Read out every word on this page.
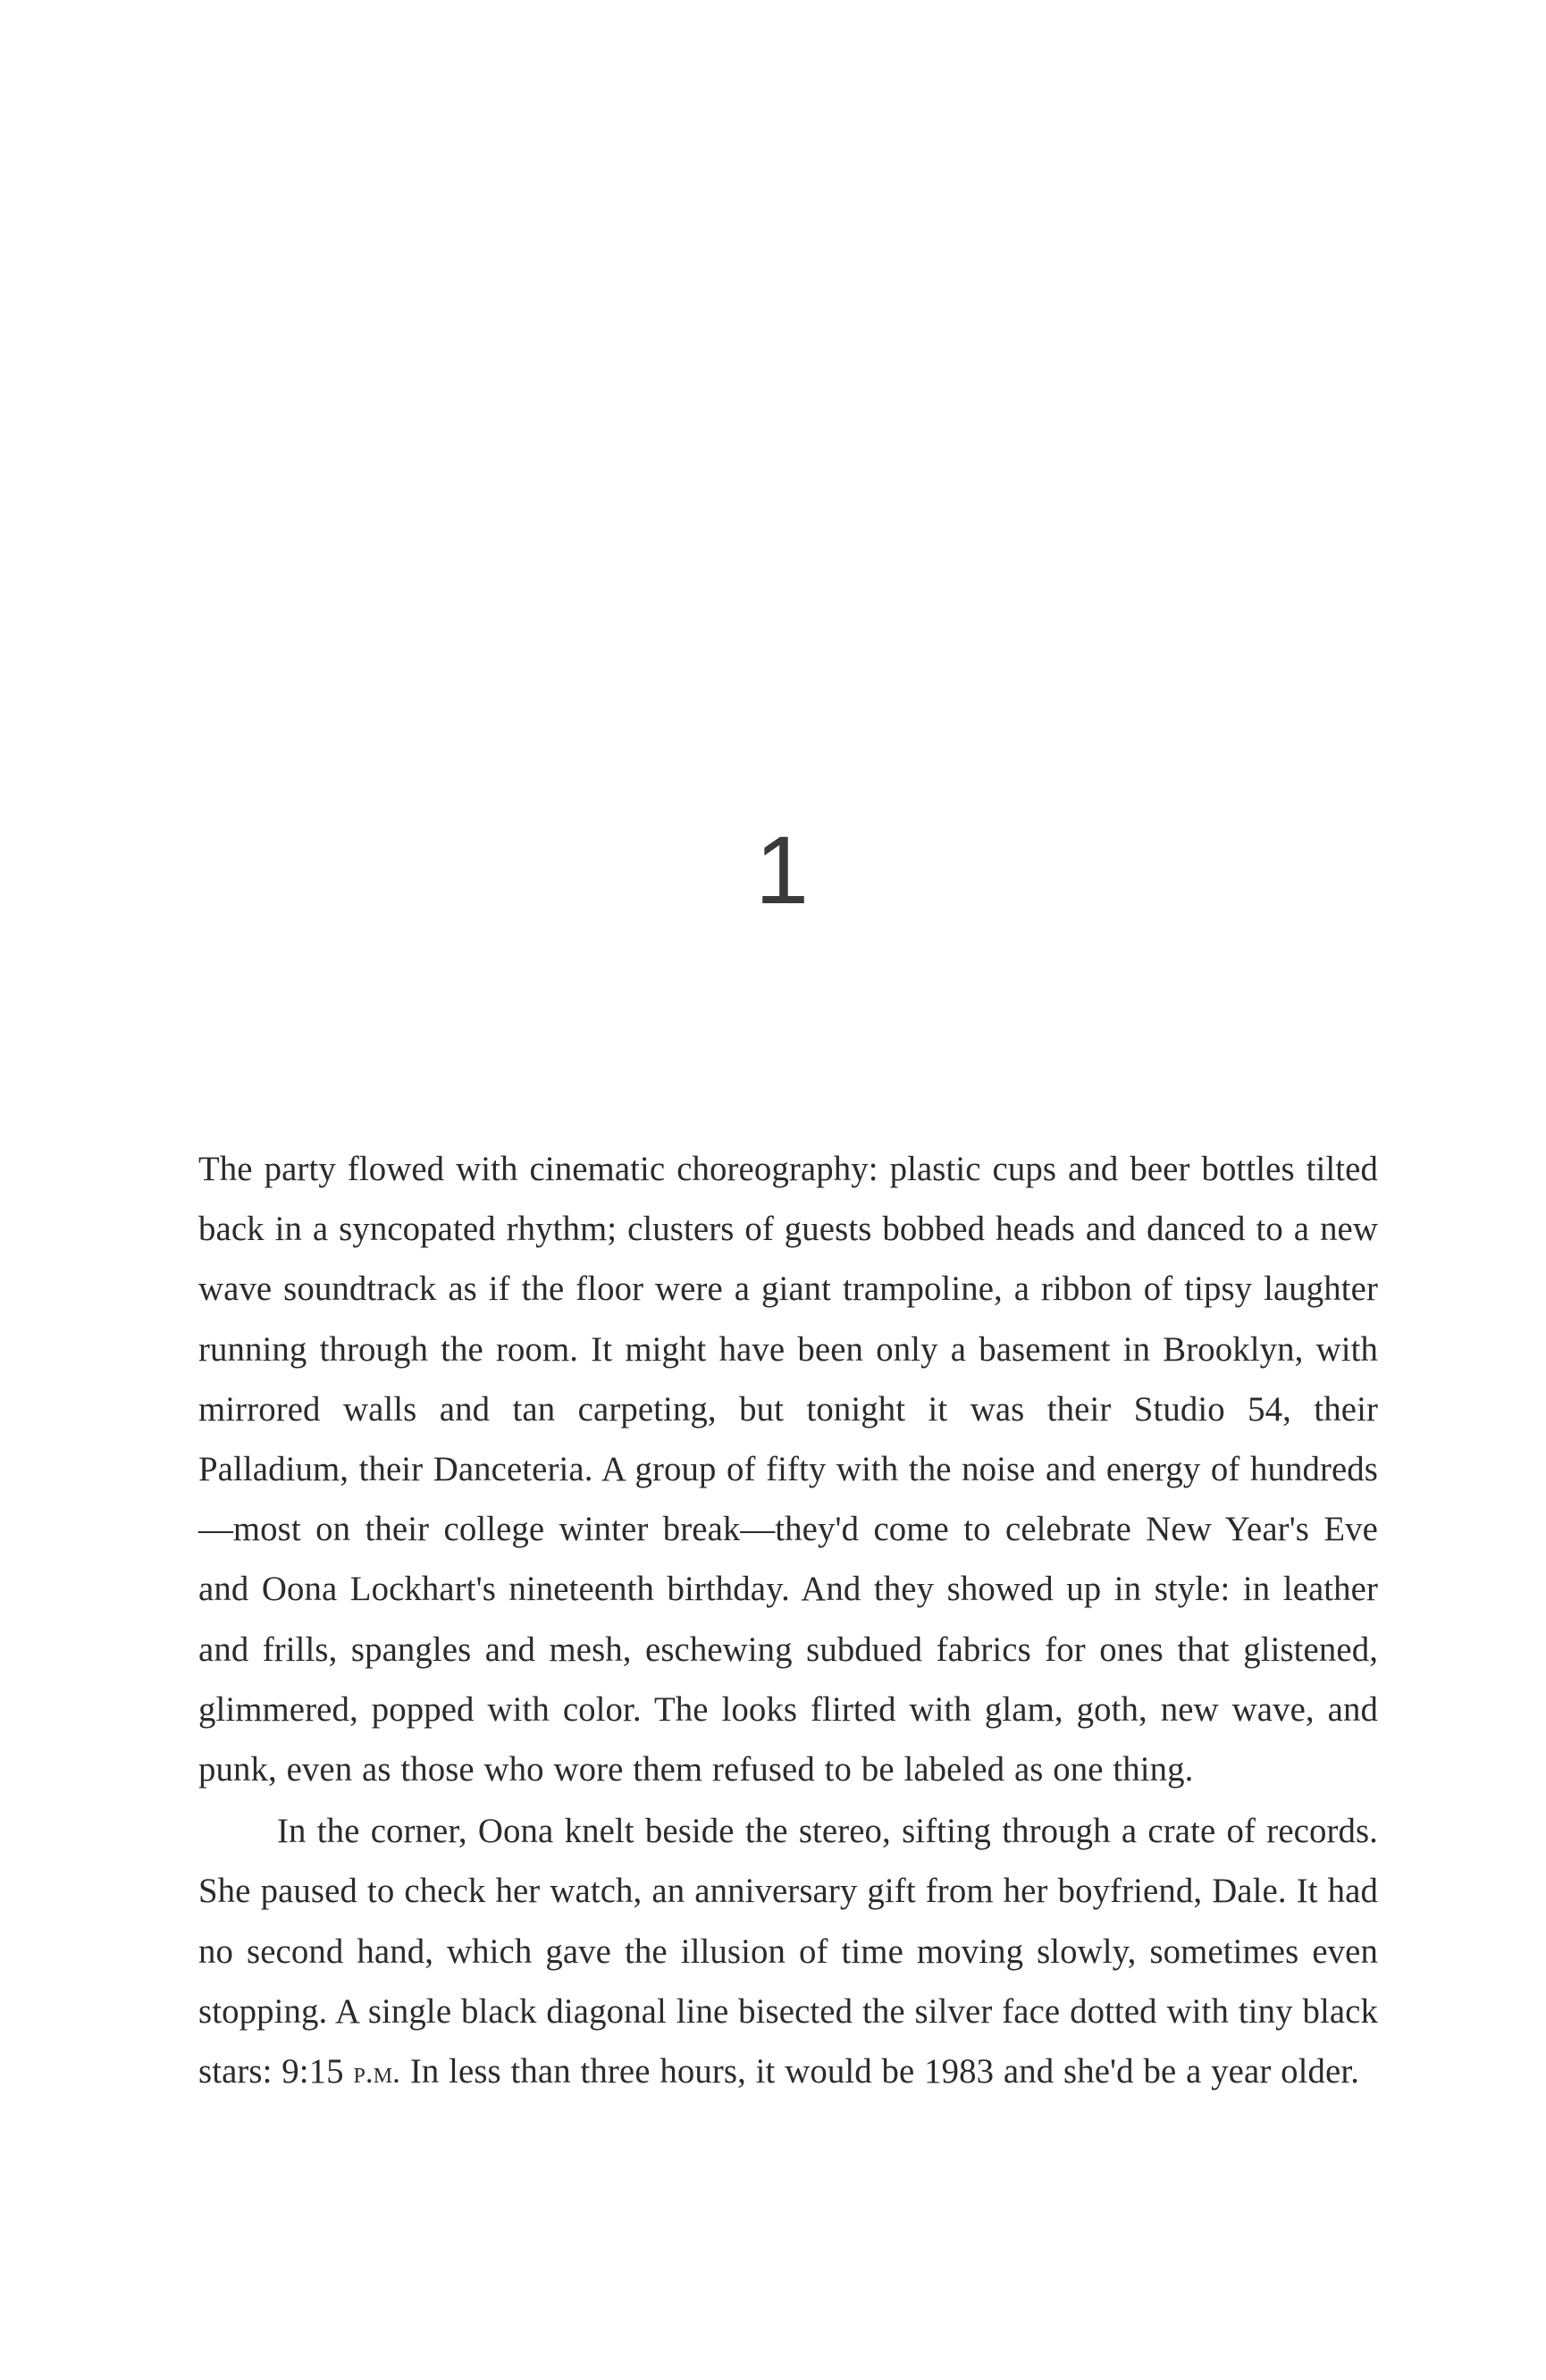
1

The party flowed with cinematic choreography: plastic cups and beer bottles tilted back in a syncopated rhythm; clusters of guests bobbed heads and danced to a new wave soundtrack as if the floor were a giant trampoline, a ribbon of tipsy laughter running through the room. It might have been only a basement in Brooklyn, with mirrored walls and tan carpeting, but tonight it was their Studio 54, their Palladium, their Danceteria. A group of fifty with the noise and energy of hundreds—most on their college winter break—they'd come to celebrate New Year's Eve and Oona Lockhart's nineteenth birthday. And they showed up in style: in leather and frills, spangles and mesh, eschewing subdued fabrics for ones that glistened, glimmered, popped with color. The looks flirted with glam, goth, new wave, and punk, even as those who wore them refused to be labeled as one thing.

In the corner, Oona knelt beside the stereo, sifting through a crate of records. She paused to check her watch, an anniversary gift from her boyfriend, Dale. It had no second hand, which gave the illusion of time moving slowly, sometimes even stopping. A single black diagonal line bisected the silver face dotted with tiny black stars: 9:15 p.m. In less than three hours, it would be 1983 and she'd be a year older.
